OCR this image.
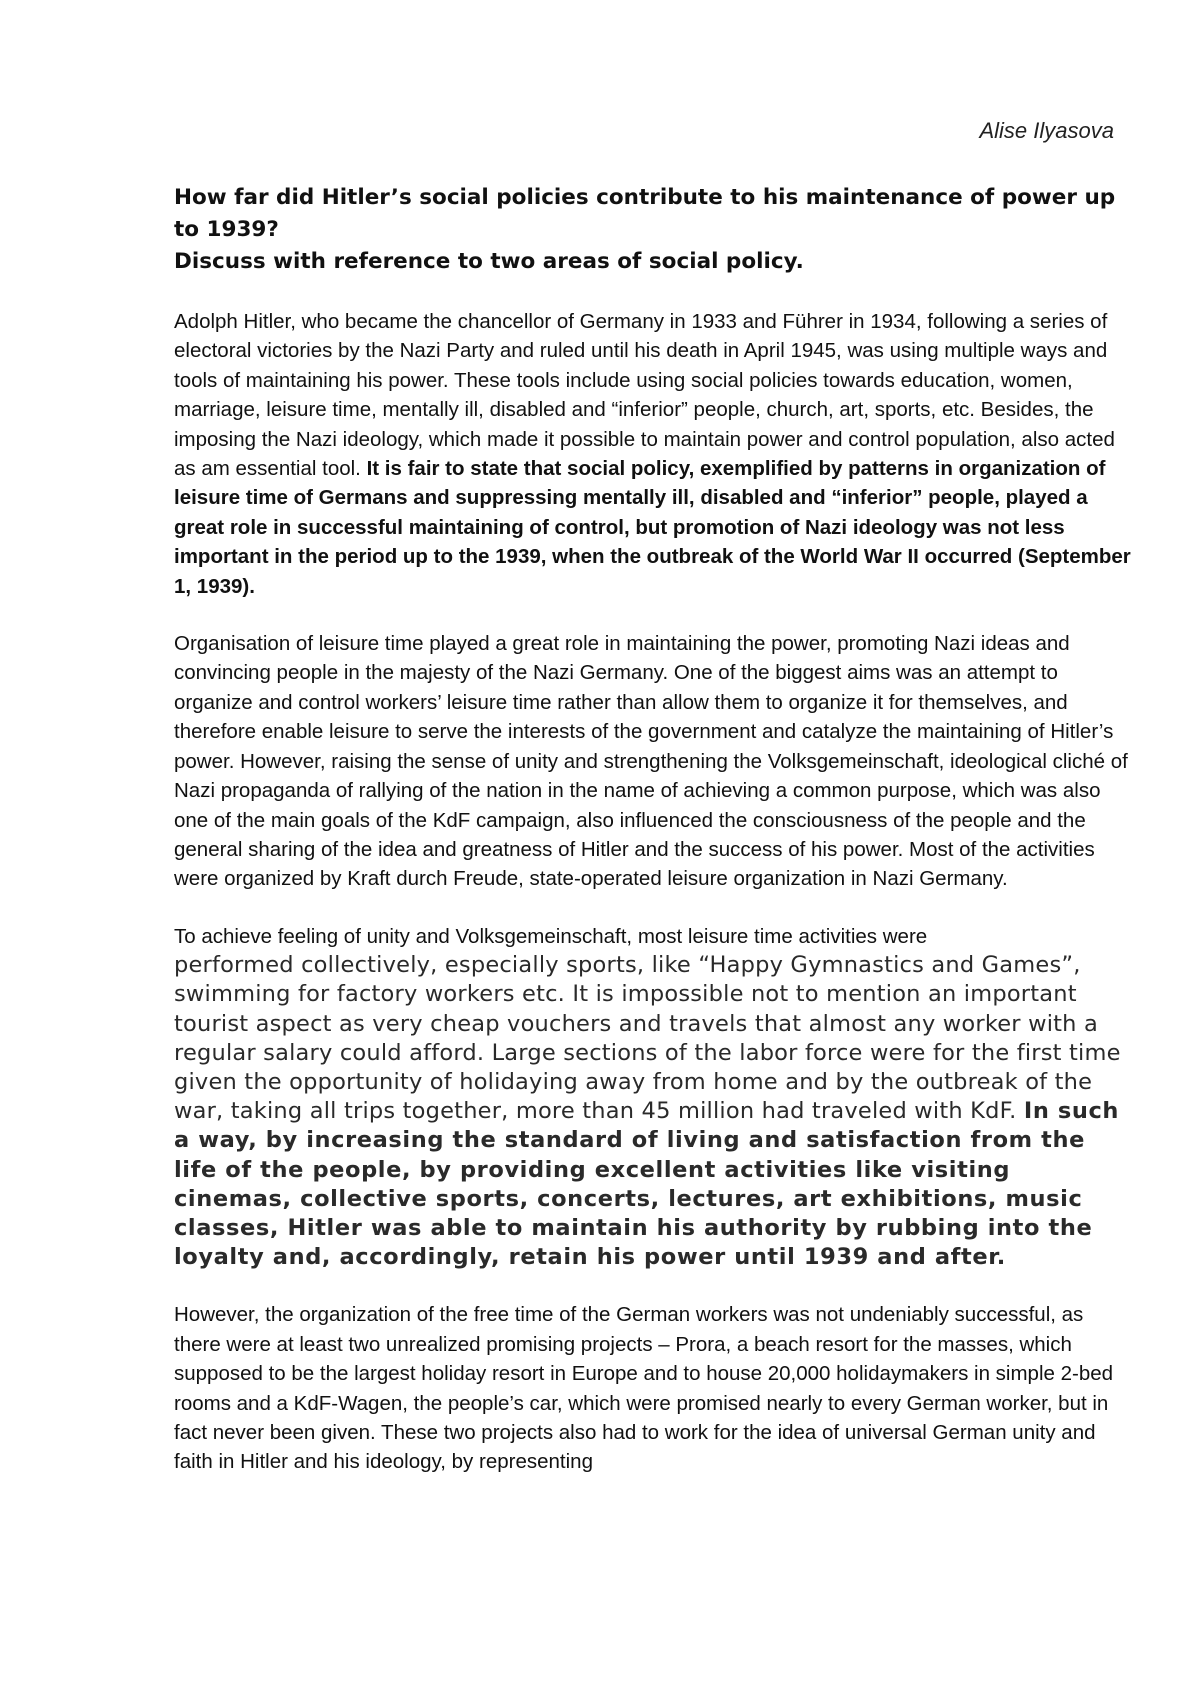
Alise Ilyasova
How far did Hitler’s social policies contribute to his maintenance of power up to 1939?
Discuss with reference to two areas of social policy.

Adolph Hitler, who became the chancellor of Germany in 1933 and Führer in 1934, following a series of electoral victories by the Nazi Party and ruled until his death in April 1945, was using multiple ways and tools of maintaining his power. These tools include using social policies towards education, women, marriage, leisure time, mentally ill, disabled and “inferior” people, church, art, sports, etc. Besides, the imposing the Nazi ideology, which made it possible to maintain power and control population, also acted as am essential tool. It is fair to state that social policy, exemplified by patterns in organization of leisure time of Germans and suppressing mentally ill, disabled and “inferior” people, played a great role in successful maintaining of control, but promotion of Nazi ideology was not less important in the period up to the 1939, when the outbreak of the World War II occurred (September 1, 1939).

Organisation of leisure time played a great role in maintaining the power, promoting Nazi ideas and convincing people in the majesty of the Nazi Germany. One of the biggest aims was an attempt to organize and control workers’ leisure time rather than allow them to organize it for themselves, and therefore enable leisure to serve the interests of the government and catalyze the maintaining of Hitler’s power. However, raising the sense of unity and strengthening the Volksgemeinschaft, ideological cliché of Nazi propaganda of rallying of the nation in the name of achieving a common purpose, which was also one of the main goals of the KdF campaign, also influenced the consciousness of the people and the general sharing of the idea and greatness of Hitler and the success of his power. Most of the activities were organized by Kraft durch Freude, state-operated leisure organization in Nazi Germany.

To achieve feeling of unity and Volksgemeinschaft, most leisure time activities were
performed collectively, especially sports, like “Happy Gymnastics and Games”, swimming for factory workers etc. It is impossible not to mention an important tourist aspect as very cheap vouchers and travels that almost any worker with a regular salary could afford. Large sections of the labor force were for the first time given the opportunity of holidaying away from home and by the outbreak of the war, taking all trips together, more than 45 million had traveled with KdF. In such a way, by increasing the standard of living and satisfaction from the life of the people, by providing excellent activities like visiting cinemas, collective sports, concerts, lectures, art exhibitions, music classes, Hitler was able to maintain his authority by rubbing into the loyalty and, accordingly, retain his power until 1939 and after.

However, the organization of the free time of the German workers was not undeniably successful, as there were at least two unrealized promising projects – Prora, a beach resort for the masses, which supposed to be the largest holiday resort in Europe and to house 20,000 holidaymakers in simple 2-bed rooms and a KdF-Wagen, the people’s car, which were promised nearly to every German worker, but in fact never been given. These two projects also had to work for the idea of universal German unity and faith in Hitler and his ideology, by representing
